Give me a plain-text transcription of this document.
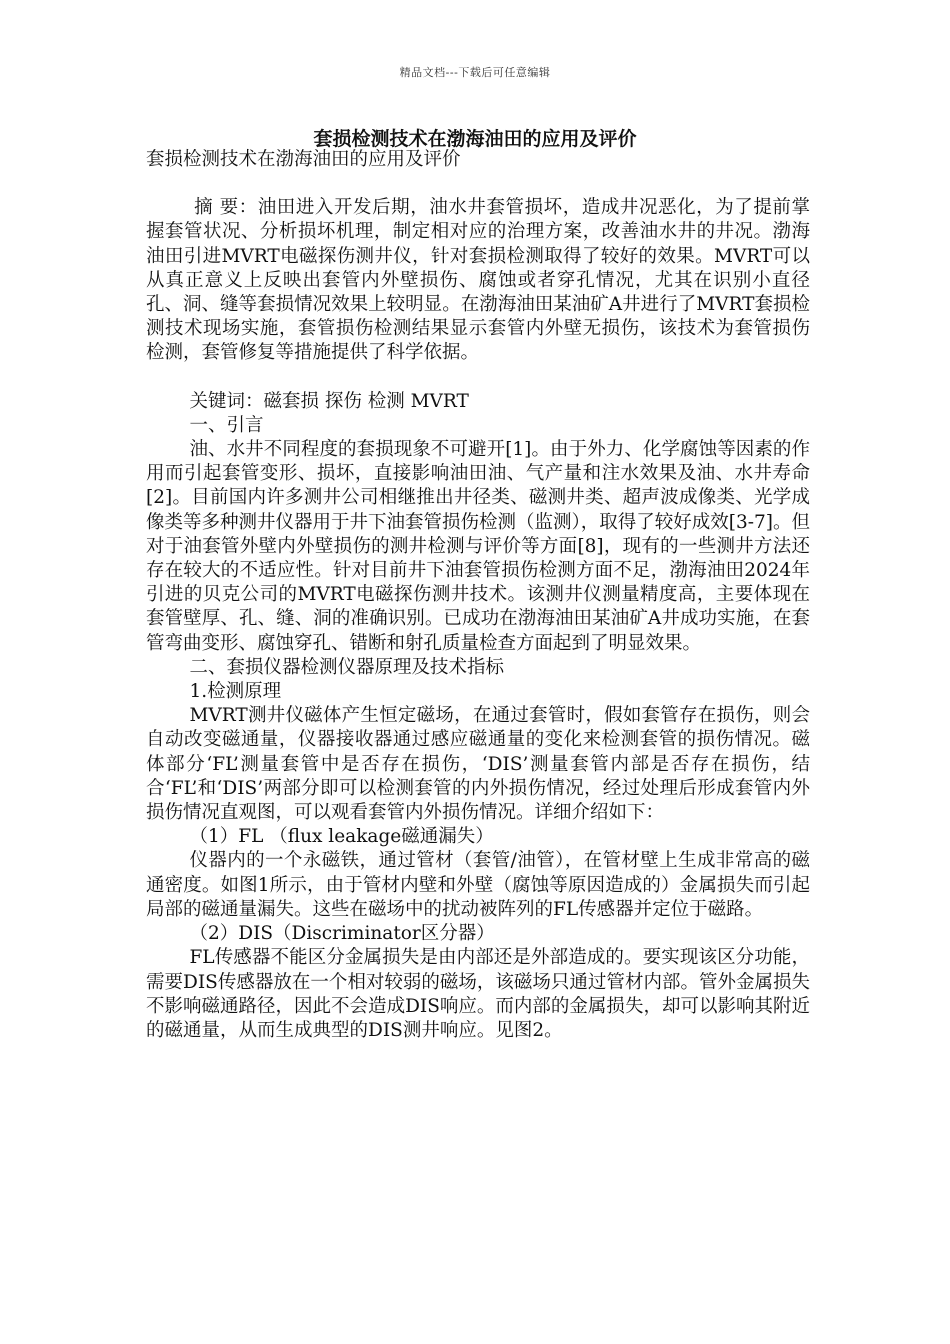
精品文档---下载后可任意编辑
套损检测技术在渤海油田的应用及评价

套损检测技术在渤海油田的应用及评价

摘 要：油田进入开发后期，油水井套管损坏，造成井况恶化，为了提前掌握套管状况、分析损坏机理，制定相对应的治理方案，改善油水井的井况。渤海油田引进MVRT电磁探伤测井仪，针对套损检测取得了较好的效果。MVRT可以从真正意义上反映出套管内外壁损伤、腐蚀或者穿孔情况，尤其在识别小直径孔、洞、缝等套损情况效果上较明显。在渤海油田某油矿A井进行了MVRT套损检测技术现场实施，套管损伤检测结果显示套管内外壁无损伤，该技术为套管损伤检测，套管修复等措施提供了科学依据。

关键词：磁套损 探伤 检测 MVRT

一、引言

油、水井不同程度的套损现象不可避开[1]。由于外力、化学腐蚀等因素的作用而引起套管变形、损坏，直接影响油田油、气产量和注水效果及油、水井寿命[2]。目前国内许多测井公司相继推出井径类、磁测井类、超声波成像类、光学成像类等多种测井仪器用于井下油套管损伤检测（监测），取得了较好成效[3-7]。但对于油套管外壁内外壁损伤的测井检测与评价等方面[8]，现有的一些测井方法还存在较大的不适应性。针对目前井下油套管损伤检测方面不足，渤海油田2024年引进的贝克公司的MVRT电磁探伤测井技术。该测井仪测量精度高，主要体现在套管壁厚、孔、缝、洞的准确识别。已成功在渤海油田某油矿A井成功实施，在套管弯曲变形、腐蚀穿孔、错断和射孔质量检查方面起到了明显效果。

二、套损仪器检测仪器原理及技术指标

1.检测原理

MVRT测井仪磁体产生恒定磁场，在通过套管时，假如套管存在损伤，则会自动改变磁通量，仪器接收器通过感应磁通量的变化来检测套管的损伤情况。磁体部分‘FL’测量套管中是否存在损伤，‘DIS’测量套管内部是否存在损伤，结合‘FL’和‘DIS’两部分即可以检测套管的内外损伤情况，经过处理后形成套管内外损伤情况直观图，可以观看套管内外损伤情况。详细介绍如下：

（1）FL （flux leakage磁通漏失）

仪器内的一个永磁铁，通过管材（套管/油管），在管材壁上生成非常高的磁通密度。如图1所示，由于管材内壁和外壁（腐蚀等原因造成的）金属损失而引起局部的磁通量漏失。这些在磁场中的扰动被阵列的FL传感器并定位于磁路。

（2）DIS（Discriminator区分器）

FL传感器不能区分金属损失是由内部还是外部造成的。要实现该区分功能，需要DIS传感器放在一个相对较弱的磁场，该磁场只通过管材内部。管外金属损失不影响磁通路径，因此不会造成DIS响应。而内部的金属损失，却可以影响其附近的磁通量，从而生成典型的DIS测井响应。见图2。
